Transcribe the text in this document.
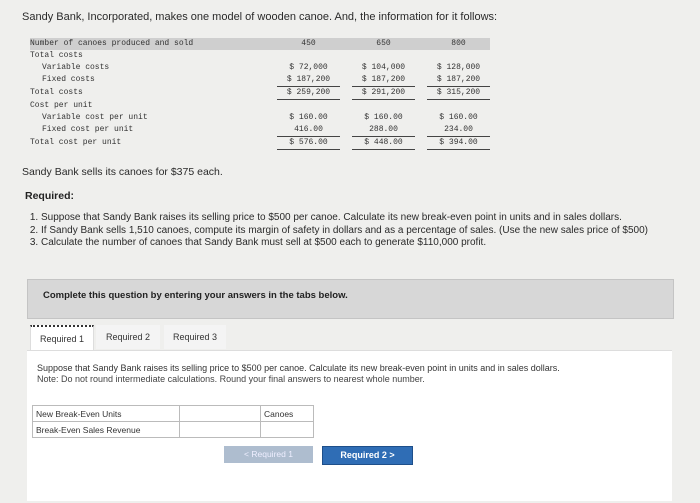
Sandy Bank, Incorporated, makes one model of wooden canoe. And, the information for it follows:
Number of canoes produced and sold		450		650		800
Total costs						
Variable costs		$ 72,000		$ 104,000		$ 128,000
Fixed costs		$ 187,200		$ 187,200		$ 187,200
Total costs		$ 259,200		$ 291,200		$ 315,200
Cost per unit						
Variable cost per unit		$ 160.00		$ 160.00		$ 160.00
Fixed cost per unit		416.00		288.00		234.00
Total cost per unit		$ 576.00		$ 448.00		$ 394.00
Sandy Bank sells its canoes for $375 each.
Required:
1. Suppose that Sandy Bank raises its selling price to $500 per canoe. Calculate its new break-even point in units and in sales dollars.
2. If Sandy Bank sells 1,510 canoes, compute its margin of safety in dollars and as a percentage of sales. (Use the new sales price of $500)
3. Calculate the number of canoes that Sandy Bank must sell at $500 each to generate $110,000 profit.
Complete this question by entering your answers in the tabs below.
Required 1	Required 2	Required 3
Suppose that Sandy Bank raises its selling price to $500 per canoe. Calculate its new break-even point in units and in sales dollars.
Note: Do not round intermediate calculations. Round your final answers to nearest whole number.
New Break-Even Units		Canoes
Break-Even Sales Revenue		
< Required 1	Required 2 >
